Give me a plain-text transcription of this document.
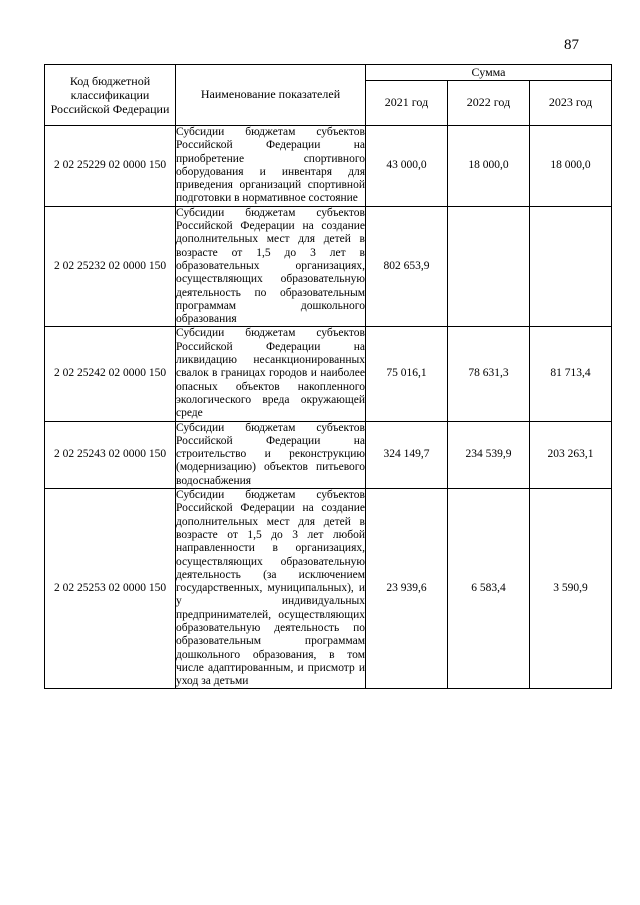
87
Код бюджетной классификации Российской Федерации	Наименование показателей	Сумма		
		2021 год	2022 год	2023 год
2 02 25229 02 0000 150	Субсидии бюджетам субъектов Российской Федерации на приобретение спортивного оборудования и инвентаря для приведения организаций спортивной подготовки в нормативное состояние	43 000,0	18 000,0	18 000,0
2 02 25232 02 0000 150	Субсидии бюджетам субъектов Российской Федерации на создание дополнительных мест для детей в возрасте от 1,5 до 3 лет в образовательных организациях, осуществляющих образовательную деятельность по образовательным программам дошкольного образования	802 653,9		
2 02 25242 02 0000 150	Субсидии бюджетам субъектов Российской Федерации на ликвидацию несанкционированных свалок в границах городов и наиболее опасных объектов накопленного экологического вреда окружающей среде	75 016,1	78 631,3	81 713,4
2 02 25243 02 0000 150	Субсидии бюджетам субъектов Российской Федерации на строительство и реконструкцию (модернизацию) объектов питьевого водоснабжения	324 149,7	234 539,9	203 263,1
2 02 25253 02 0000 150	Субсидии бюджетам субъектов Российской Федерации на создание дополнительных мест для детей в возрасте от 1,5 до 3 лет любой направленности в организациях, осуществляющих образовательную деятельность (за исключением государственных, муниципальных), и у индивидуальных предпринимателей, осуществляющих образовательную деятельность по образовательным программам дошкольного образования, в том числе адаптированным, и присмотр и уход за детьми	23 939,6	6 583,4	3 590,9
